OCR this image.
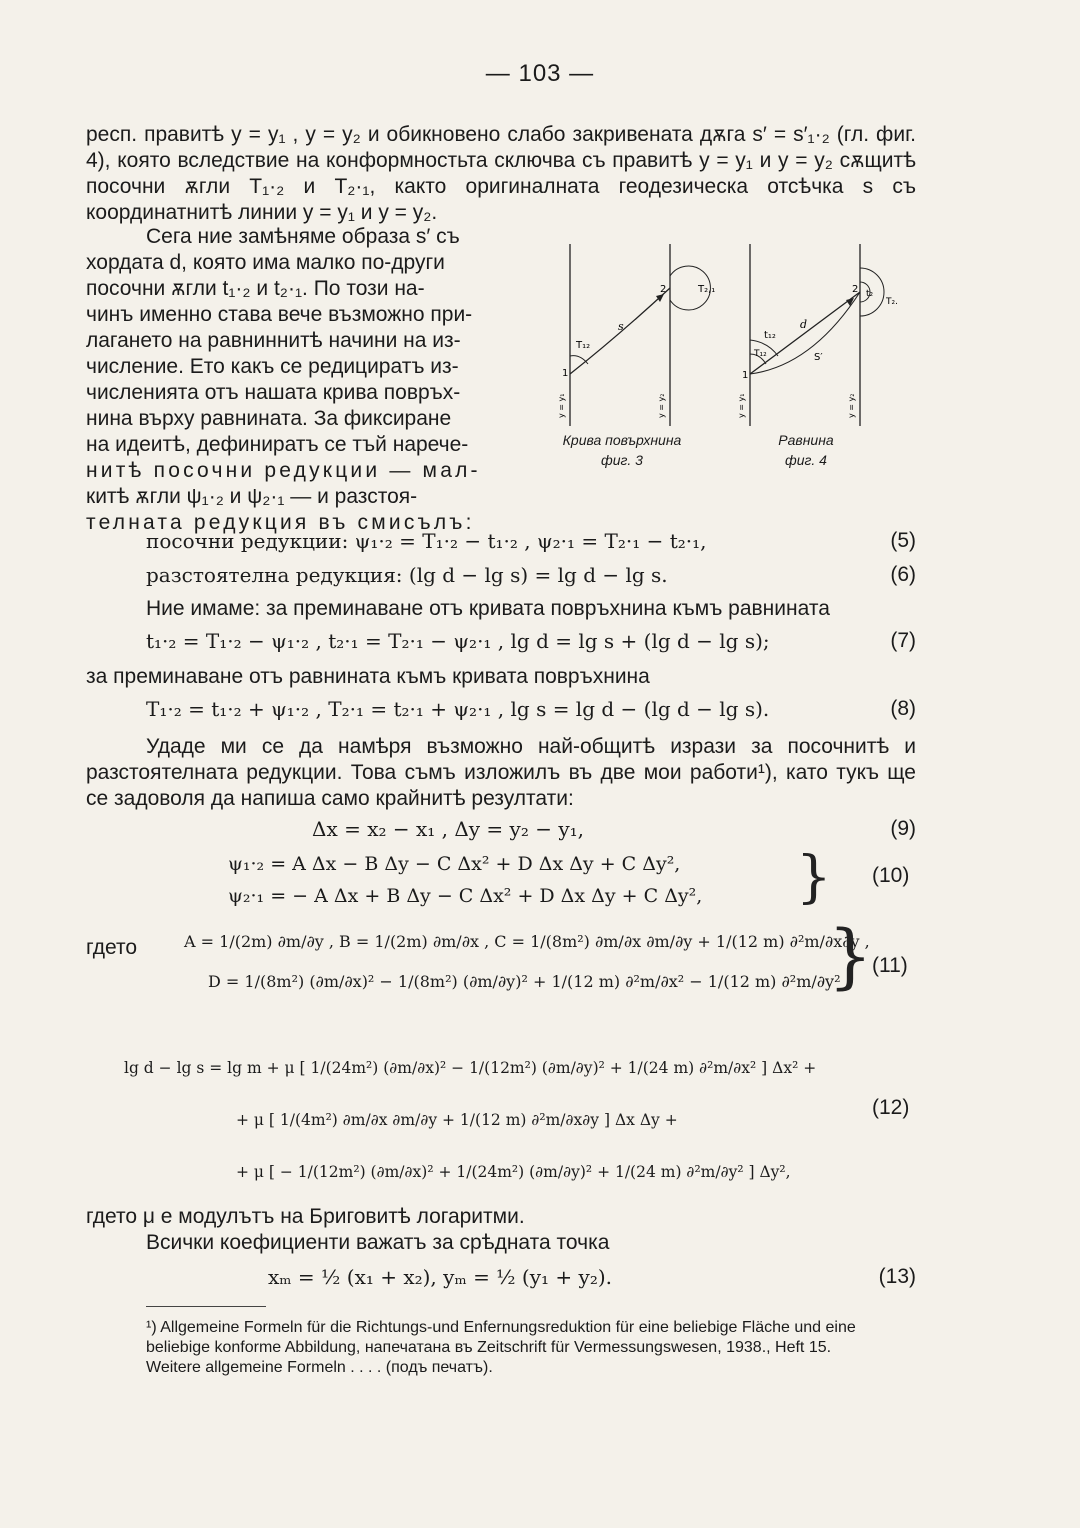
— 103 —

респ. правитѣ y = y₁ , y = y₂ и обикновено слабо закривената дѫга s′ = s′₁·₂ (гл. фиг. 4), която вследствие на конформностьта сключва съ правитѣ y = y₁ и y = y₂ сѫщитѣ посочни ѫгли T₁·₂ и T₂·₁, както оригиналната геодезическа отсѣчка s съ координатнитѣ линии y = y₁ и y = y₂.

Сега ние замѣняме образа s′ съ

хордата d, която има малко по-други

посочни ѫгли t₁·₂ и t₂·₁. По този на-

чинъ именно става вече възможно при-

лагането на равниннитѣ начини на из-

числение. Ето какъ се редициратъ из-

численията отъ нашата крива повръх-

нина върху равнината. За фиксиране

на идеитѣ, дефиниратъ се тъй нарече-

нитѣ посочни редукции — мал-

китѣ ѫгли ψ₁·₂ и ψ₂·₁ — и разстоя-

телната редукция въ смисълъ:

1
2
T₁₂
T₂,₁
s
y = y₁	y = y₂
Крива повърхнина
фиг. 3
1
2
t₁₂
T₁₂
t₂
T₂.
d
S′
y = y₁	y = y₂
Равнина
фиг. 4
посочни редукции: ψ₁·₂ = T₁·₂ − t₁·₂ , ψ₂·₁ = T₂·₁ − t₂·₁,	(5)
разстоятелна редукция: (lg d − lg s) = lg d − lg s.	(6)

Ние имаме: за преминаване отъ кривата повръхнина къмъ равнината

t₁·₂ = T₁·₂ − ψ₁·₂ , t₂·₁ = T₂·₁ − ψ₂·₁ , lg d = lg s + (lg d − lg s);	(7)

за преминаване отъ равнината къмъ кривата повръхнина

T₁·₂ = t₁·₂ + ψ₁·₂ , T₂·₁ = t₂·₁ + ψ₂·₁ , lg s = lg d − (lg d − lg s).	(8)

Удаде ми се да намѣря възможно най-общитѣ изрази за посочнитѣ и разстоятелната редукции. Това съмъ изложилъ въ две мои работи¹), като тукъ ще се задоволя да напиша само крайнитѣ резултати:

Δx = x₂ − x₁ , Δy = y₂ − y₁,	(9)
ψ₁·₂ = A Δx − B Δy − C Δx² + D Δx Δy + C Δy²,
ψ₂·₁ = − A Δx + B Δy − C Δx² + D Δx Δy + C Δy², } (10)
гдето	A = 1/(2m) ∂m/∂y , B = 1/(2m) ∂m/∂x , C = 1/(8m²) ∂m/∂x ∂m/∂y + 1/(12 m) ∂²m/∂x∂y ,
D = 1/(8m²) (∂m/∂x)² − 1/(8m²) (∂m/∂y)² + 1/(12 m) ∂²m/∂x² − 1/(12 m) ∂²m/∂y² ,
} (11)
lg d − lg s = lg m + μ [ 1/(24m²) (∂m/∂x)² − 1/(12m²) (∂m/∂y)² + 1/(24 m) ∂²m/∂x² ] Δx² +
+ μ [ 1/(4m²) ∂m/∂x ∂m/∂y + 1/(12 m) ∂²m/∂x∂y ] Δx Δy +
+ μ [ − 1/(12m²) (∂m/∂x)² + 1/(24m²) (∂m/∂y)² + 1/(24 m) ∂²m/∂y² ] Δy²,
(12)

гдето μ е модулътъ на Бриговитѣ логаритми.

Всички коефициенти важатъ за срѣдната точка

xₘ = ½ (x₁ + x₂), yₘ = ½ (y₁ + y₂).	(13)

¹) Allgemeine Formeln für die Richtungs-und Enfernungsreduktion für eine beliebige Fläche und eine beliebige konforme Abbildung, напечатана въ Zeitschrift für Vermessungswesen, 1938., Heft 15.

Weitere allgemeine Formeln . . . . (подъ печатъ).
